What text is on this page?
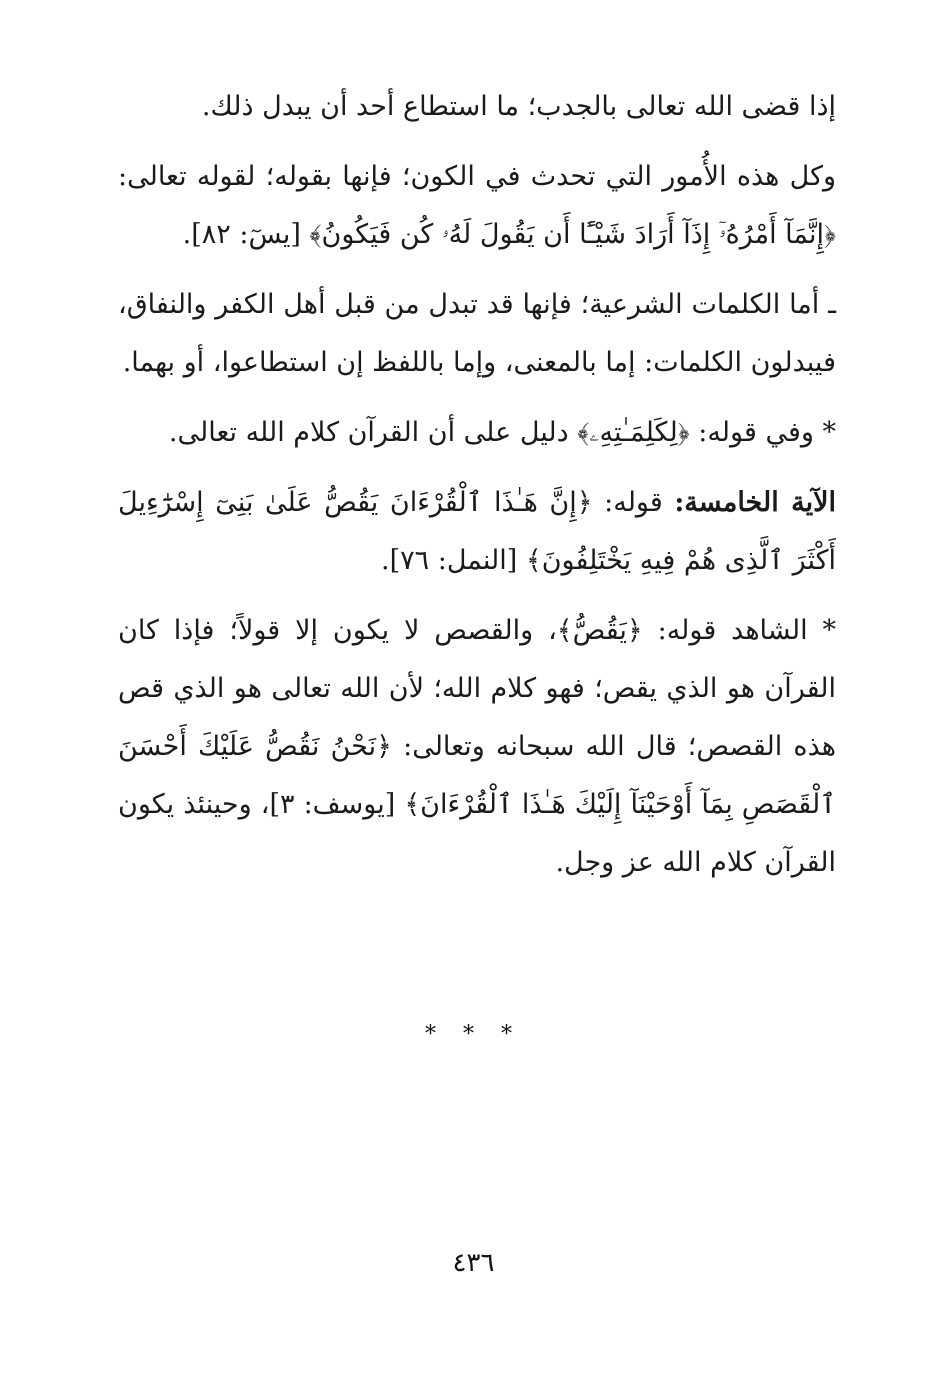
إذا قضى الله تعالى بالجدب؛ ما استطاع أحد أن يبدل ذلك.

وكل هذه الأُمور التي تحدث في الكون؛ فإنها بقوله؛ لقوله تعالى: ﴿إِنَّمَآ أَمْرُهُۥٓ إِذَآ أَرَادَ شَيْـًٔا أَن يَقُولَ لَهُۥ كُن فَيَكُونُ﴾ [يسٓ: ٨٢].

ـ أما الكلمات الشرعية؛ فإنها قد تبدل من قبل أهل الكفر والنفاق، فيبدلون الكلمات: إما بالمعنى، وإما باللفظ إن استطاعوا، أو بهما.

* وفي قوله: ﴿لِكَلِمَـٰتِهِۦ﴾ دليل على أن القرآن كلام الله تعالى.

الآية الخامسة: قوله: ﴿إِنَّ هَـٰذَا ٱلْقُرْءَانَ يَقُصُّ عَلَىٰ بَنِىٓ إِسْرَٰٓءِيلَ أَكْثَرَ ٱلَّذِى هُمْ فِيهِ يَخْتَلِفُونَ﴾ [النمل: ٧٦].

* الشاهد قوله: ﴿يَقُصُّ﴾، والقصص لا يكون إلا قولاً؛ فإذا كان القرآن هو الذي يقص؛ فهو كلام الله؛ لأن الله تعالى هو الذي قص هذه القصص؛ قال الله سبحانه وتعالى: ﴿نَحْنُ نَقُصُّ عَلَيْكَ أَحْسَنَ ٱلْقَصَصِ بِمَآ أَوْحَيْنَآ إِلَيْكَ هَـٰذَا ٱلْقُرْءَانَ﴾ [يوسف: ٣]، وحينئذ يكون القرآن كلام الله عز وجل.

* * *
٤٣٦
